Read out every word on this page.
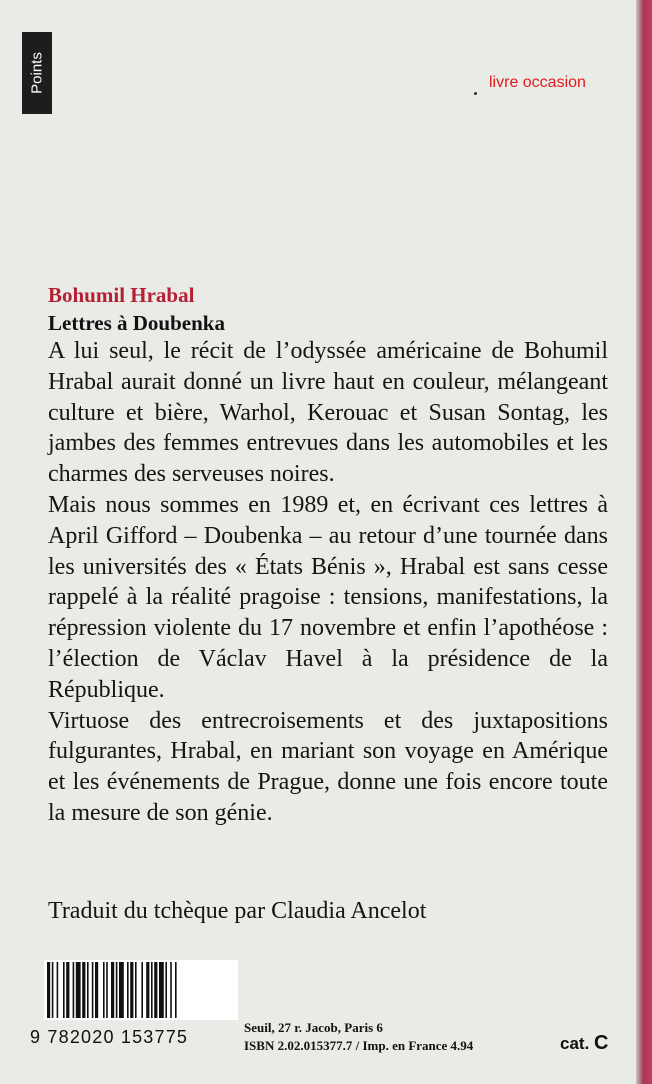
Points	livre occasion
Bohumil Hrabal
Lettres à Doubenka

A lui seul, le récit de l’odyssée américaine de Bohumil Hrabal aurait donné un livre haut en couleur, mélangeant culture et bière, Warhol, Kerouac et Susan Sontag, les jambes des femmes entrevues dans les automobiles et les charmes des serveuses noires.

Mais nous sommes en 1989 et, en écrivant ces lettres à April Gifford – Doubenka – au retour d’une tournée dans les universités des « États Bénis », Hrabal est sans cesse rappelé à la réalité pragoise : tensions, manifestations, la répression violente du 17 novembre et enfin l’apothéose : l’élection de Václav Havel à la présidence de la République.

Virtuose des entrecroisements et des juxtapositions fulgurantes, Hrabal, en mariant son voyage en Amérique et les événements de Prague, donne une fois encore toute la mesure de son génie.

Traduit du tchèque par Claudia Ancelot
9 782020 153775	Seuil, 27 r. Jacob, Paris 6
ISBN 2.02.015377.7 / Imp. en France 4.94	cat. C
